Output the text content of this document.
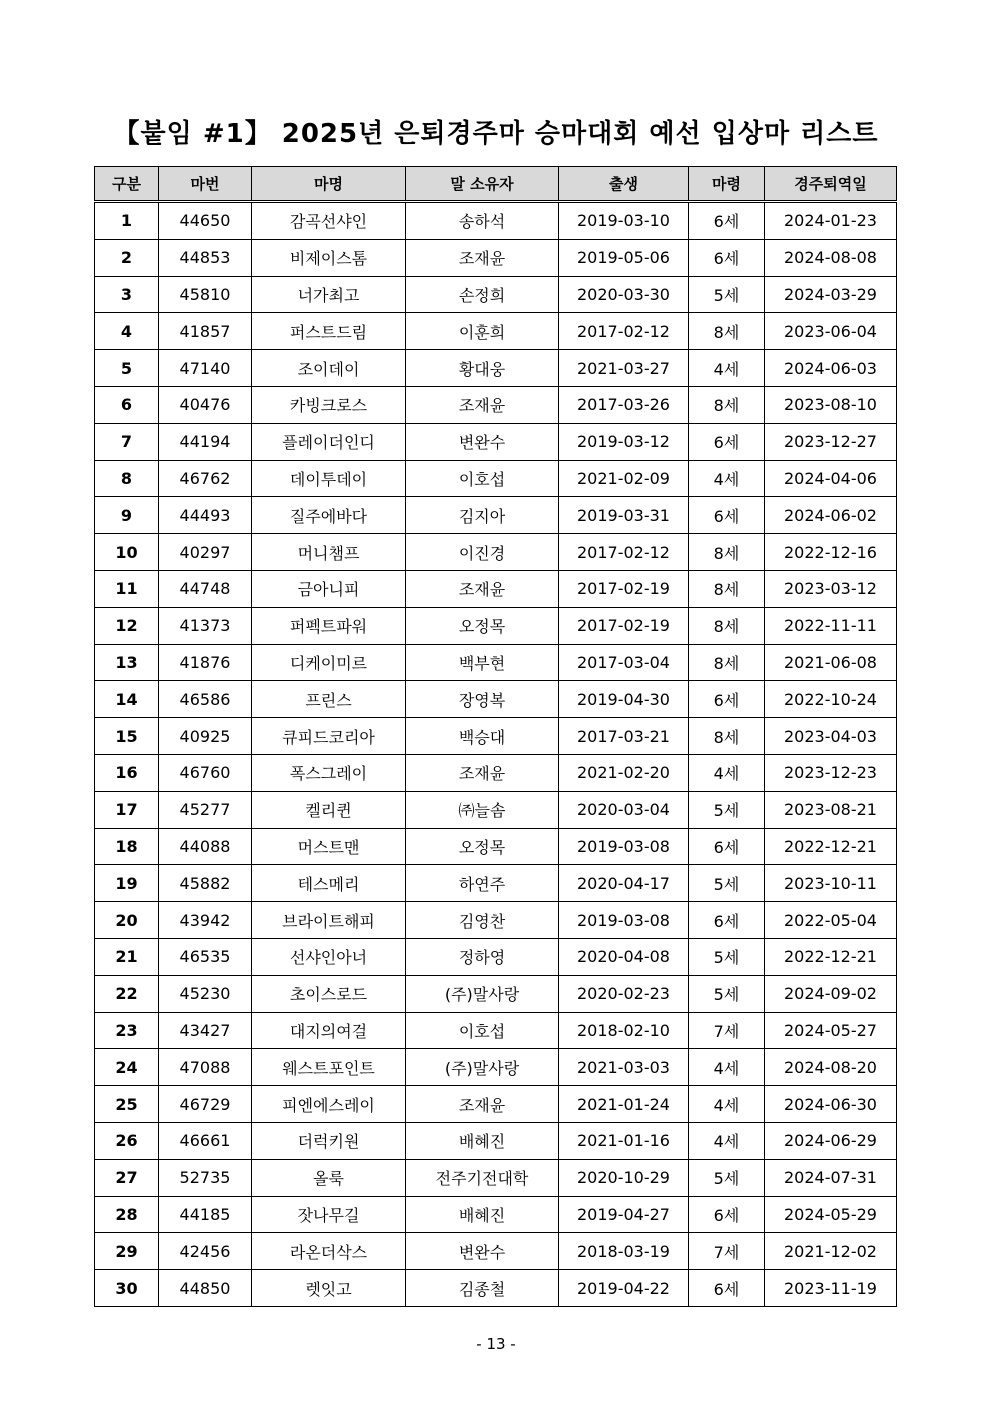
【붙임 #1】 2025년 은퇴경주마 승마대회 예선 입상마 리스트
구분	마번	마명	말 소유자	출생	마령	경주퇴역일
1	44650	감곡선샤인	송하석	2019-03-10	6세	2024-01-23
2	44853	비제이스톰	조재윤	2019-05-06	6세	2024-08-08
3	45810	너가최고	손정희	2020-03-30	5세	2024-03-29
4	41857	퍼스트드림	이훈희	2017-02-12	8세	2023-06-04
5	47140	조이데이	황대웅	2021-03-27	4세	2024-06-03
6	40476	카빙크로스	조재윤	2017-03-26	8세	2023-08-10
7	44194	플레이더인디	변완수	2019-03-12	6세	2023-12-27
8	46762	데이투데이	이호섭	2021-02-09	4세	2024-04-06
9	44493	질주에바다	김지아	2019-03-31	6세	2024-06-02
10	40297	머니챔프	이진경	2017-02-12	8세	2022-12-16
11	44748	금아니피	조재윤	2017-02-19	8세	2023-03-12
12	41373	퍼펙트파워	오정목	2017-02-19	8세	2022-11-11
13	41876	디케이미르	백부현	2017-03-04	8세	2021-06-08
14	46586	프린스	장영복	2019-04-30	6세	2022-10-24
15	40925	큐피드코리아	백승대	2017-03-21	8세	2023-04-03
16	46760	폭스그레이	조재윤	2021-02-20	4세	2023-12-23
17	45277	켈리퀸	㈜늘솜	2020-03-04	5세	2023-08-21
18	44088	머스트맨	오정목	2019-03-08	6세	2022-12-21
19	45882	테스메리	하연주	2020-04-17	5세	2023-10-11
20	43942	브라이트해피	김영찬	2019-03-08	6세	2022-05-04
21	46535	선샤인아너	정하영	2020-04-08	5세	2022-12-21
22	45230	초이스로드	(주)말사랑	2020-02-23	5세	2024-09-02
23	43427	대지의여걸	이호섭	2018-02-10	7세	2024-05-27
24	47088	웨스트포인트	(주)말사랑	2021-03-03	4세	2024-08-20
25	46729	피엔에스레이	조재윤	2021-01-24	4세	2024-06-30
26	46661	더럭키원	배혜진	2021-01-16	4세	2024-06-29
27	52735	올룩	전주기전대학	2020-10-29	5세	2024-07-31
28	44185	잣나무길	배혜진	2019-04-27	6세	2024-05-29
29	42456	라온더삭스	변완수	2018-03-19	7세	2021-12-02
30	44850	렛잇고	김종철	2019-04-22	6세	2023-11-19
- 13 -
